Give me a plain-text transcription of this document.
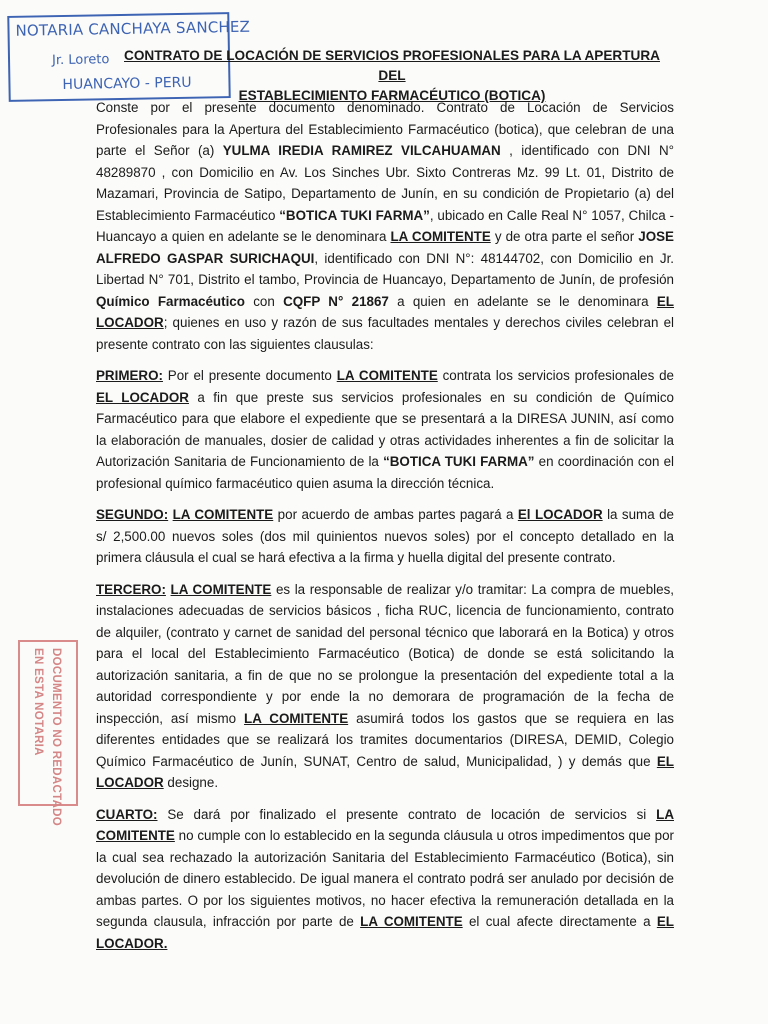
NOTARIA CANCHAYA SANCHEZ
Jr. Loreto
HUANCAYO - PERU
CONTRATO DE LOCACIÓN DE SERVICIOS PROFESIONALES PARA LA APERTURA DEL
ESTABLECIMIENTO FARMACÉUTICO (BOTICA)

Conste por el presente documento denominado. Contrato de Locación de Servicios Profesionales para la Apertura del Establecimiento Farmacéutico (botica), que celebran de una parte el Señor (a) YULMA IREDIA RAMIREZ VILCAHUAMAN , identificado con DNI N° 48289870 , con Domicilio en Av. Los Sinches Ubr. Sixto Contreras Mz. 99 Lt. 01, Distrito de Mazamari, Provincia de Satipo, Departamento de Junín, en su condición de Propietario (a) del Establecimiento Farmacéutico “BOTICA TUKI FARMA”, ubicado en Calle Real N° 1057, Chilca -Huancayo a quien en adelante se le denominara LA COMITENTE y de otra parte el señor JOSE ALFREDO GASPAR SURICHAQUI, identificado con DNI N°: 48144702, con Domicilio en Jr. Libertad N° 701, Distrito el tambo, Provincia de Huancayo, Departamento de Junín, de profesión Químico Farmacéutico con CQFP N° 21867 a quien en adelante se le denominara EL LOCADOR; quienes en uso y razón de sus facultades mentales y derechos civiles celebran el presente contrato con las siguientes clausulas:

PRIMERO: Por el presente documento LA COMITENTE contrata los servicios profesionales de EL LOCADOR a fin que preste sus servicios profesionales en su condición de Químico Farmacéutico para que elabore el expediente que se presentará a la DIRESA JUNIN, así como la elaboración de manuales, dosier de calidad y otras actividades inherentes a fin de solicitar la Autorización Sanitaria de Funcionamiento de la “BOTICA TUKI FARMA” en coordinación con el profesional químico farmacéutico quien asuma la dirección técnica.

SEGUNDO: LA COMITENTE por acuerdo de ambas partes pagará a El LOCADOR la suma de s/ 2,500.00 nuevos soles (dos mil quinientos nuevos soles) por el concepto detallado en la primera cláusula el cual se hará efectiva a la firma y huella digital del presente contrato.

TERCERO: LA COMITENTE es la responsable de realizar y/o tramitar: La compra de muebles, instalaciones adecuadas de servicios básicos , ficha RUC, licencia de funcionamiento, contrato de alquiler, (contrato y carnet de sanidad del personal técnico que laborará en la Botica) y otros para el local del Establecimiento Farmacéutico (Botica) de donde se está solicitando la autorización sanitaria, a fin de que no se prolongue la presentación del expediente total a la autoridad correspondiente y por ende la no demorara de programación de la fecha de inspección, así mismo LA COMITENTE asumirá todos los gastos que se requiera en las diferentes entidades que se realizará los tramites documentarios (DIRESA, DEMID, Colegio Químico Farmacéutico de Junín, SUNAT, Centro de salud, Municipalidad, ) y demás que EL LOCADOR designe.

CUARTO: Se dará por finalizado el presente contrato de locación de servicios si LA COMITENTE no cumple con lo establecido en la segunda cláusula u otros impedimentos que por la cual sea rechazado la autorización Sanitaria del Establecimiento Farmacéutico (Botica), sin devolución de dinero establecido. De igual manera el contrato podrá ser anulado por decisión de ambas partes. O por los siguientes motivos, no hacer efectiva la remuneración detallada en la segunda clausula, infracción por parte de LA COMITENTE el cual afecte directamente a EL LOCADOR.

DOCUMENTO NO REDACTADO
EN ESTA NOTARIA
